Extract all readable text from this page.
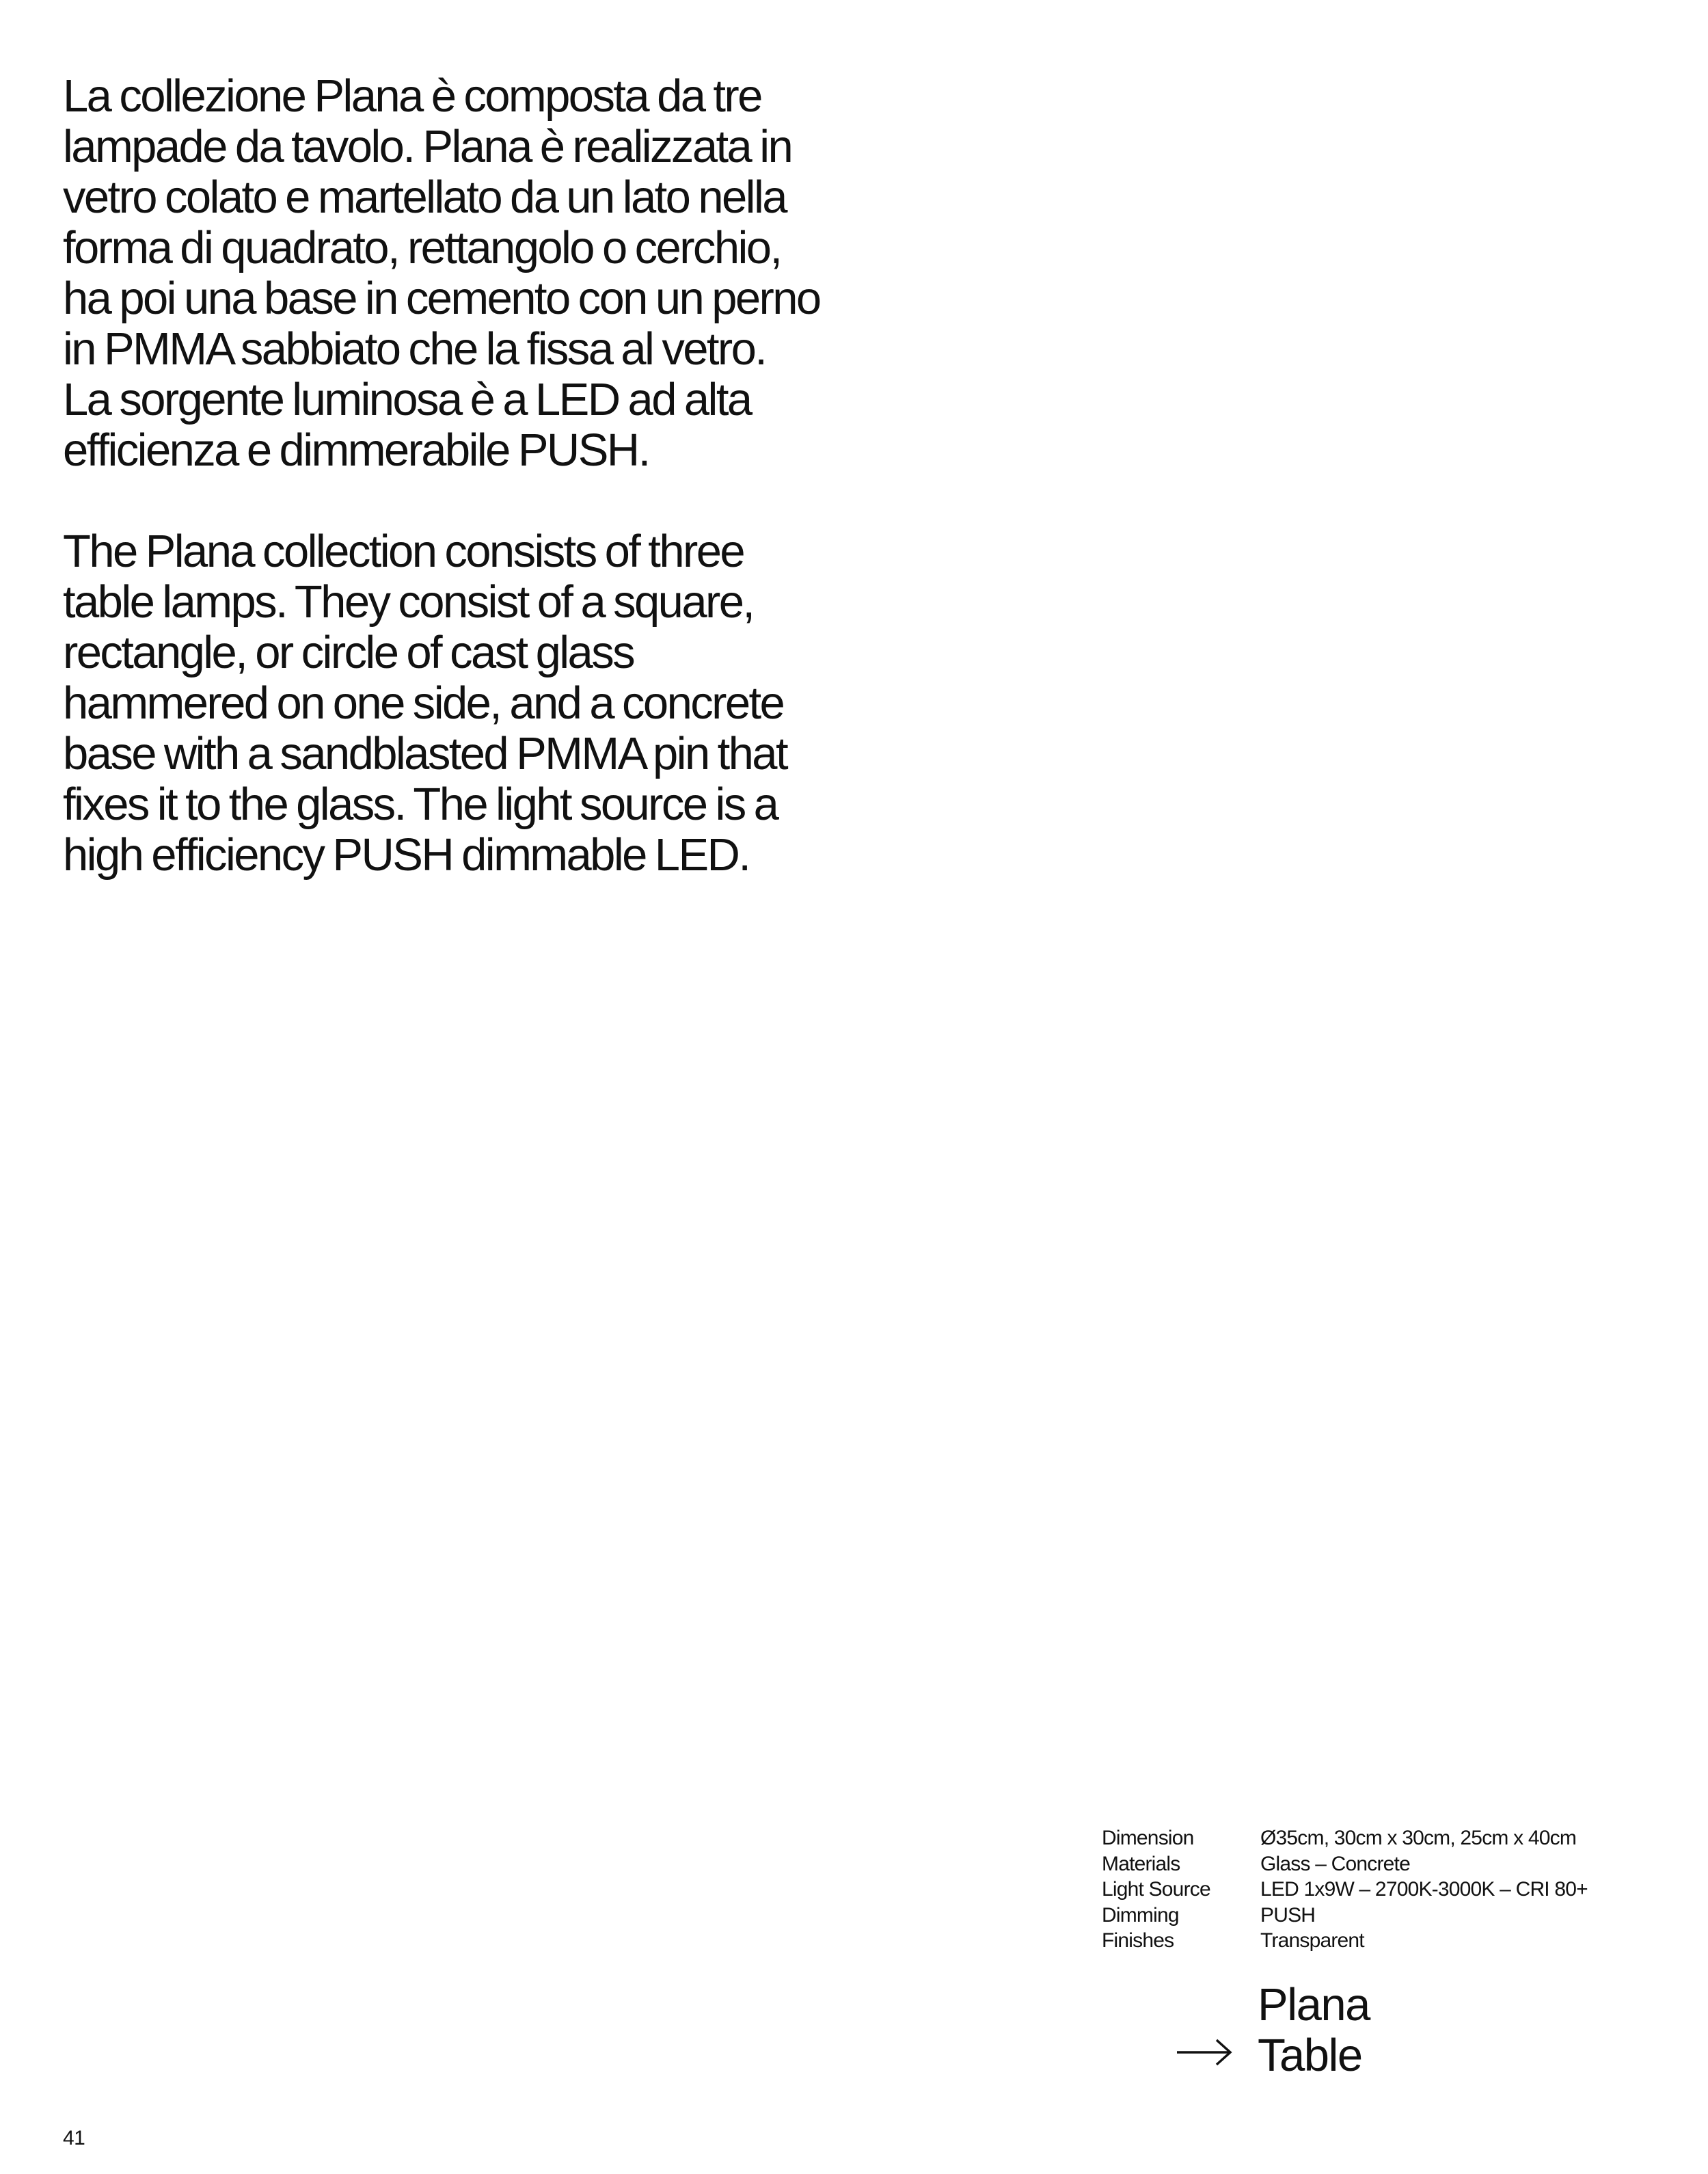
La collezione Plana è composta da tre
lampade da tavolo. Plana è realizzata in
vetro colato e martellato da un lato nella
forma di quadrato, rettangolo o cerchio,
ha poi una base in cemento con un perno
in PMMA sabbiato che la fissa al vetro.
La sorgente luminosa è a LED ad alta
efficienza e dimmerabile PUSH.

The Plana collection consists of three
table lamps. They consist of a square,
rectangle, or circle of cast glass
hammered on one side, and a concrete
base with a sandblasted PMMA pin that
fixes it to the glass. The light source is a
high efficiency PUSH dimmable LED.

Dimension	Ø35cm, 30cm x 30cm, 25cm x 40cm
Materials	Glass – Concrete
Light Source	LED 1x9W – 2700K-3000K – CRI 80+
Dimming	PUSH
Finishes	Transparent
Plana
Table
41
